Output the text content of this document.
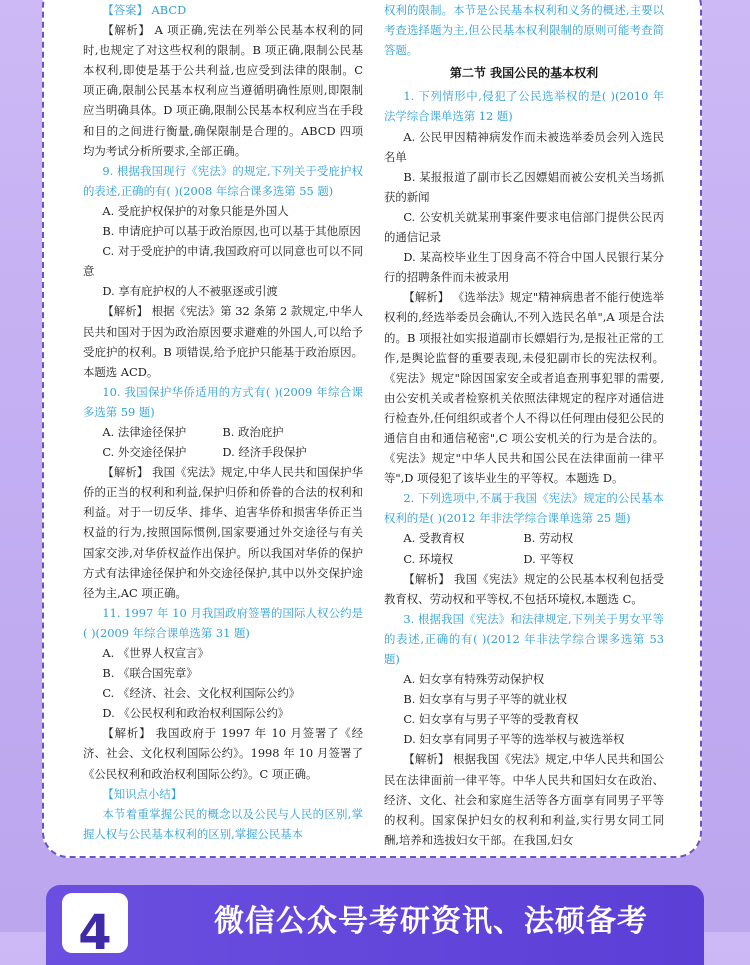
【答案】 ABCD

【解析】 A 项正确,宪法在列举公民基本权利的同时,也规定了对这些权利的限制。B 项正确,限制公民基本权利,即使是基于公共利益,也应受到法律的限制。C 项正确,限制公民基本权利应当遵循明确性原则,即限制应当明确具体。D 项正确,限制公民基本权利应当在手段和目的之间进行衡量,确保限制是合理的。ABCD 四项均为考试分析所要求,全部正确。

9. 根据我国现行《宪法》的规定,下列关于受庇护权的表述,正确的有( )(2008 年综合课多选第 55 题)

A. 受庇护权保护的对象只能是外国人

B. 申请庇护可以基于政治原因,也可以基于其他原因

C. 对于受庇护的申请,我国政府可以同意也可以不同意

D. 享有庇护权的人不被驱逐或引渡

【解析】 根据《宪法》第 32 条第 2 款规定,中华人民共和国对于因为政治原因要求避难的外国人,可以给予受庇护的权利。B 项错误,给予庇护只能基于政治原因。本题选 ACD。

10. 我国保护华侨适用的方式有( )(2009 年综合课多选第 59 题)

A. 法律途径保护	B. 政治庇护
C. 外交途径保护	D. 经济手段保护

【解析】 我国《宪法》规定,中华人民共和国保护华侨的正当的权利和利益,保护归侨和侨眷的合法的权利和利益。对于一切反华、排华、迫害华侨和损害华侨正当权益的行为,按照国际惯例,国家要通过外交途径与有关国家交涉,对华侨权益作出保护。所以我国对华侨的保护方式有法律途径保护和外交途径保护,其中以外交保护途径为主,AC 项正确。

11. 1997 年 10 月我国政府签署的国际人权公约是( )(2009 年综合课单选第 31 题)

A. 《世界人权宣言》

B. 《联合国宪章》

C. 《经济、社会、文化权利国际公约》

D. 《公民权利和政治权利国际公约》

【解析】 我国政府于 1997 年 10 月签署了《经济、社会、文化权利国际公约》。1998 年 10 月签署了《公民权利和政治权利国际公约》。C 项正确。

【知识点小结】

本节着重掌握公民的概念以及公民与人民的区别,掌握人权与公民基本权利的区别,掌握公民基本

权利的限制。本节是公民基本权利和义务的概述,主要以考查选择题为主,但公民基本权利限制的原则可能考查简答题。

第二节 我国公民的基本权利

1. 下列情形中,侵犯了公民选举权的是( )(2010 年法学综合课单选第 12 题)

A. 公民甲因精神病发作而未被选举委员会列入选民名单

B. 某报报道了副市长乙因嫖娼而被公安机关当场抓获的新闻

C. 公安机关就某刑事案件要求电信部门提供公民丙的通信记录

D. 某高校毕业生丁因身高不符合中国人民银行某分行的招聘条件而未被录用

【解析】 《选举法》规定"精神病患者不能行使选举权利的,经选举委员会确认,不列入选民名单",A 项是合法的。B 项报社如实报道副市长嫖娼行为,是报社正常的工作,是舆论监督的重要表现,未侵犯副市长的宪法权利。《宪法》规定"除因国家安全或者追查刑事犯罪的需要,由公安机关或者检察机关依照法律规定的程序对通信进行检查外,任何组织或者个人不得以任何理由侵犯公民的通信自由和通信秘密",C 项公安机关的行为是合法的。《宪法》规定"中华人民共和国公民在法律面前一律平等",D 项侵犯了该毕业生的平等权。本题选 D。

2. 下列选项中,不属于我国《宪法》规定的公民基本权利的是( )(2012 年非法学综合课单选第 25 题)

A. 受教育权	B. 劳动权
C. 环境权	D. 平等权

【解析】 我国《宪法》规定的公民基本权利包括受教育权、劳动权和平等权,不包括环境权,本题选 C。

3. 根据我国《宪法》和法律规定,下列关于男女平等的表述,正确的有( )(2012 年非法学综合课多选第 53 题)

A. 妇女享有特殊劳动保护权

B. 妇女享有与男子平等的就业权

C. 妇女享有与男子平等的受教育权

D. 妇女享有同男子平等的选举权与被选举权

【解析】 根据我国《宪法》规定,中华人民共和国公民在法律面前一律平等。中华人民共和国妇女在政治、经济、文化、社会和家庭生活等各方面享有同男子平等的权利。国家保护妇女的权利和利益,实行男女同工同酬,培养和选拔妇女干部。在我国,妇女

4	微信公众号考研资讯、法硕备考
